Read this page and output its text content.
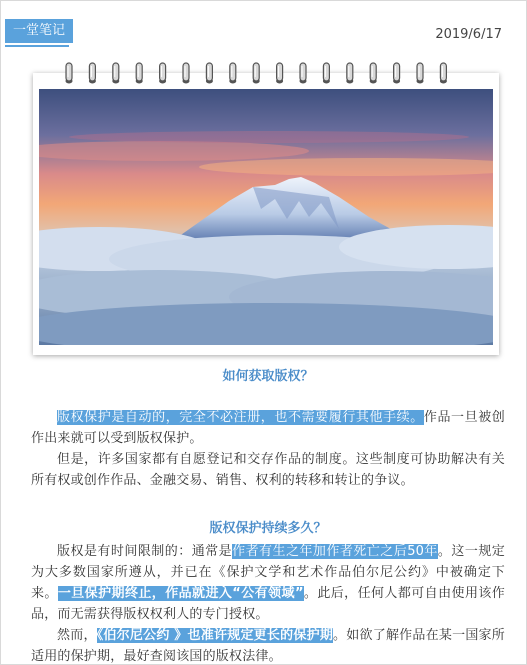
一堂笔记	2019/6/17
如何获取版权？

版权保护是自动的，完全不必注册，也不需要履行其他手续。作品一旦被创作出来就可以受到版权保护。

但是，许多国家都有自愿登记和交存作品的制度。这些制度可协助解决有关所有权或创作作品、金融交易、销售、权利的转移和转让的争议。

版权保护持续多久？

版权是有时间限制的：通常是作者有生之年加作者死亡之后50年。这一规定为大多数国家所遵从，并已在《保护文学和艺术作品伯尔尼公约》中被确定下来。一旦保护期终止，作品就进入“公有领域”。此后，任何人都可自由使用该作品，而无需获得版权权利人的专门授权。

然而，《伯尔尼公约 》也准许规定更长的保护期。如欲了解作品在某一国家所适用的保护期，最好查阅该国的版权法律。
